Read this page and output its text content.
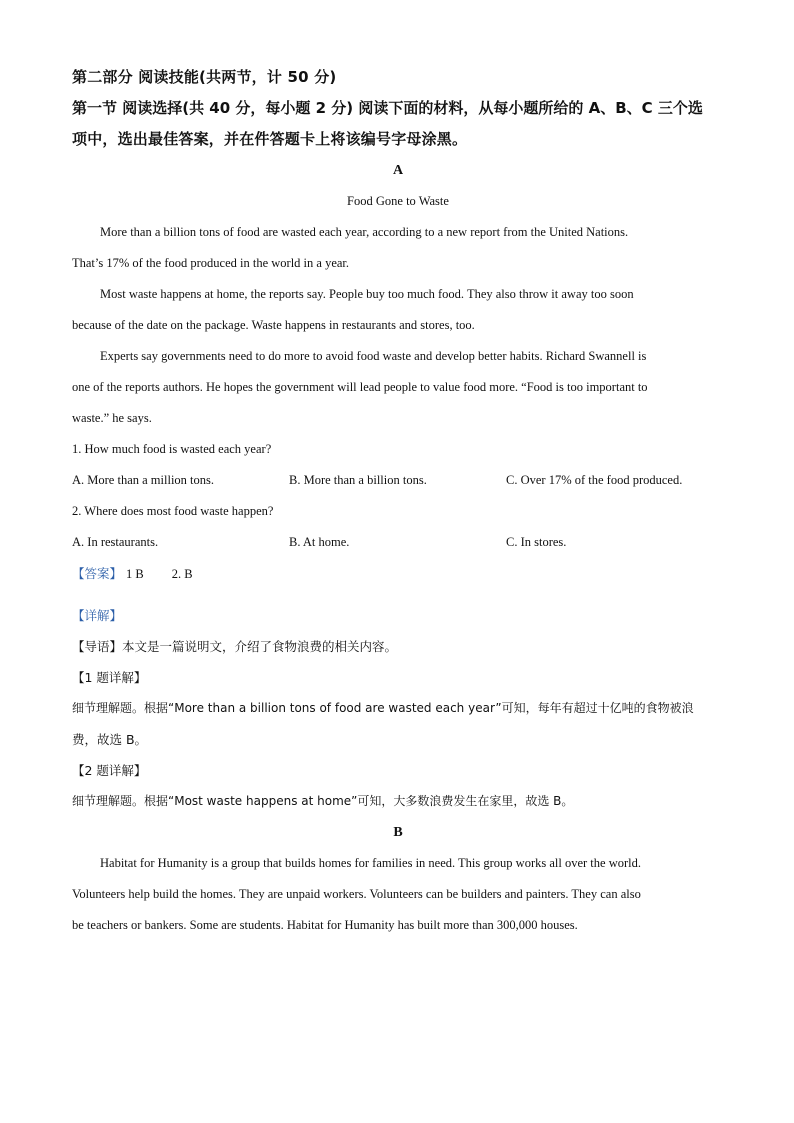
第二部分 阅读技能(共两节，计 50 分)
第一节 阅读选择(共 40 分，每小题 2 分) 阅读下面的材料，从每小题所给的 A、B、C 三个选
项中，选出最佳答案，并在件答题卡上将该编号字母涂黑。
A
Food Gone to Waste
More than a billion tons of food are wasted each year, according to a new report from the United Nations.
That’s 17% of the food produced in the world in a year.
Most waste happens at home, the reports say. People buy too much food. They also throw it away too soon
because of the date on the package. Waste happens in restaurants and stores, too.
Experts say governments need to do more to avoid food waste and develop better habits. Richard Swannell is
one of the reports authors. He hopes the government will lead people to value food more. “Food is too important to
waste.” he says.
1. How much food is wasted each year?
A. More than a million tons.	B. More than a billion tons.	C. Over 17% of the food produced.
2. Where does most food waste happen?
A. In restaurants.	B. At home.	C. In stores.
【答案】 1 B 2. B
【详解】
【导语】本文是一篇说明文，介绍了食物浪费的相关内容。
【1 题详解】
细节理解题。根据“More than a billion tons of food are wasted each year”可知，每年有超过十亿吨的食物被浪
费，故选 B。
【2 题详解】
细节理解题。根据“Most waste happens at home”可知，大多数浪费发生在家里，故选 B。
B
Habitat for Humanity is a group that builds homes for families in need. This group works all over the world.
Volunteers help build the homes. They are unpaid workers. Volunteers can be builders and painters. They can also
be teachers or bankers. Some are students. Habitat for Humanity has built more than 300,000 houses.
